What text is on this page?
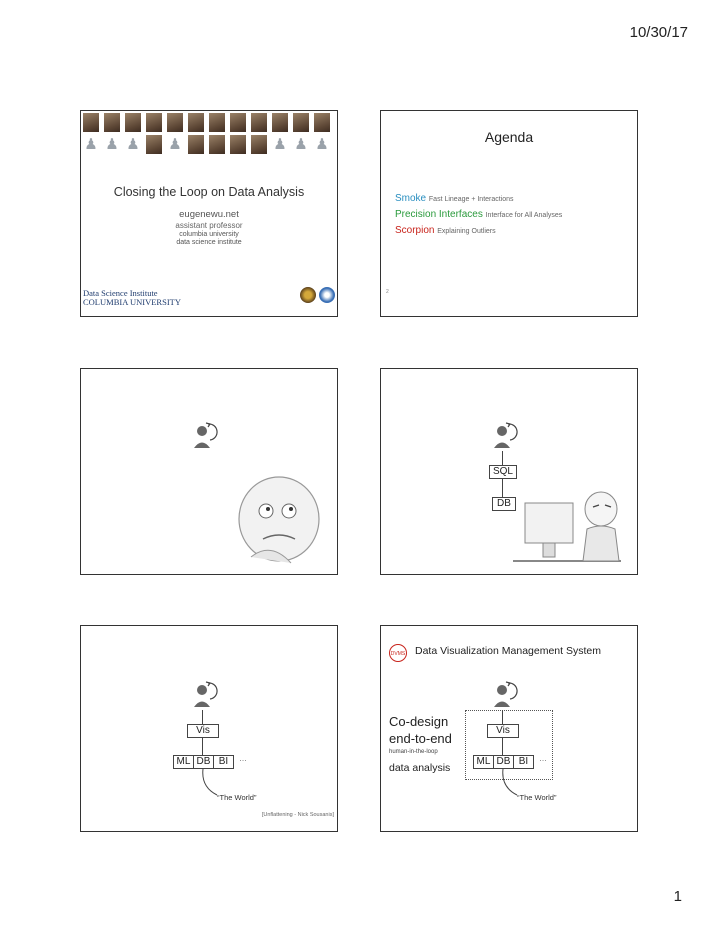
10/30/17
1
♟ ♟ ♟ ♟	♟ ♟ ♟
Closing the Loop on Data Analysis
eugenewu.net
assistant professor
columbia university
data science institute
Data Science Institute
COLUMBIA UNIVERSITY
Agenda
Smoke Fast Lineage + Interactions
Precision Interfaces Interface for All Analyses
Scorpion Explaining Outliers
2
SQL
DB
Vis
ML DB BI	…
“The World”
[Unflattening - Nick Sousanis]
DVMS Data Visualization Management System
Co-design
end-to-end
human-in-the-loop
data analysis
Vis
ML DB BI	…
“The World”
